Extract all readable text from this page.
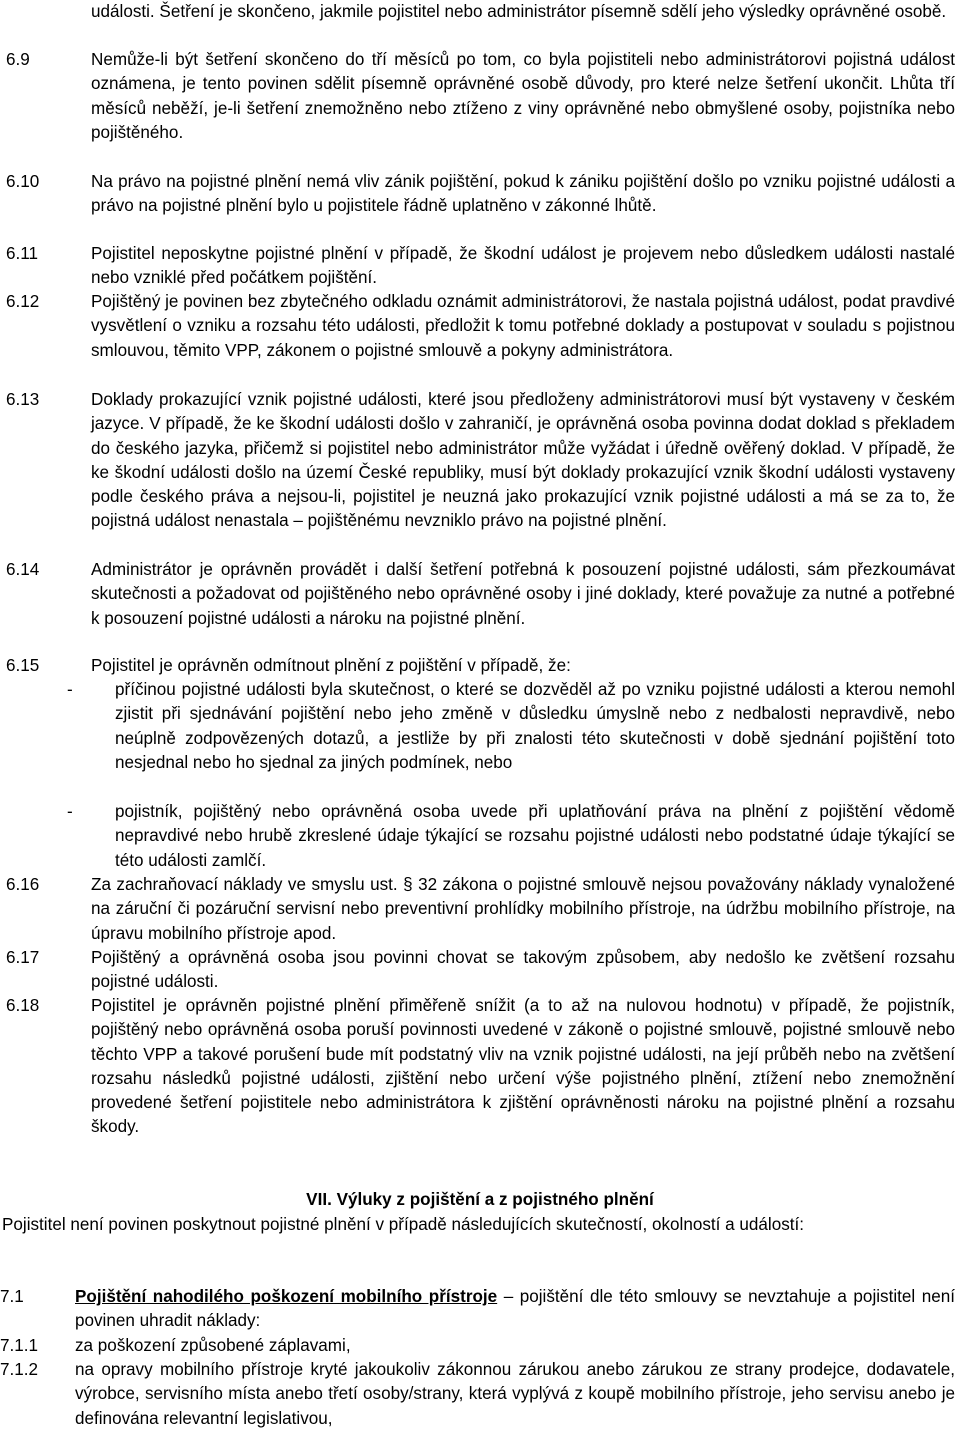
události. Šetření je skončeno, jakmile pojistitel nebo administrátor písemně sdělí jeho výsledky oprávněné osobě.
6.9	Nemůže-li být šetření skončeno do tří měsíců po tom, co byla pojistiteli nebo administrátorovi pojistná událost oznámena, je tento povinen sdělit písemně oprávněné osobě důvody, pro které nelze šetření ukončit. Lhůta tří měsíců neběží, je-li šetření znemožněno nebo ztíženo z viny oprávněné nebo obmyšlené osoby, pojistníka nebo pojištěného.
6.10	Na právo na pojistné plnění nemá vliv zánik pojištění, pokud k zániku pojištění došlo po vzniku pojistné události a právo na pojistné plnění bylo u pojistitele řádně uplatněno v zákonné lhůtě.
6.11	Pojistitel neposkytne pojistné plnění v případě, že škodní událost je projevem nebo důsledkem události nastalé nebo vzniklé před počátkem pojištění.
6.12	Pojištěný je povinen bez zbytečného odkladu oznámit administrátorovi, že nastala pojistná událost, podat pravdivé vysvětlení o vzniku a rozsahu této události, předložit k tomu potřebné doklady a postupovat v souladu s pojistnou smlouvou, těmito VPP, zákonem o pojistné smlouvě a pokyny administrátora.
6.13	Doklady prokazující vznik pojistné události, které jsou předloženy administrátorovi musí být vystaveny v českém jazyce. V případě, že ke škodní události došlo v zahraničí, je oprávněná osoba povinna dodat doklad s překladem do českého jazyka, přičemž si pojistitel nebo administrátor může vyžádat i úředně ověřený doklad. V případě, že ke škodní události došlo na území České republiky, musí být doklady prokazující vznik škodní události vystaveny podle českého práva a nejsou-li, pojistitel je neuzná jako prokazující vznik pojistné události a má se za to, že pojistná událost nenastala – pojištěnému nevzniklo právo na pojistné plnění.
6.14	Administrátor je oprávněn provádět i další šetření potřebná k posouzení pojistné události, sám přezkoumávat skutečnosti a požadovat od pojištěného nebo oprávněné osoby i jiné doklady, které považuje za nutné a potřebné k posouzení pojistné události a nároku na pojistné plnění.
6.15	Pojistitel je oprávněn odmítnout plnění z pojištění v případě, že:
- příčinou pojistné události byla skutečnost, o které se dozvěděl až po vzniku pojistné události a kterou nemohl zjistit při sjednávání pojištění nebo jeho změně v důsledku úmyslně nebo z nedbalosti nepravdivě, nebo neúplně zodpovězených dotazů, a jestliže by při znalosti této skutečnosti v době sjednání pojištění toto nesjednal nebo ho sjednal za jiných podmínek, nebo
- pojistník, pojištěný nebo oprávněná osoba uvede při uplatňování práva na plnění z pojištění vědomě nepravdivé nebo hrubě zkreslené údaje týkající se rozsahu pojistné události nebo podstatné údaje týkající se této události zamlčí.
6.16	Za zachraňovací náklady ve smyslu ust. § 32 zákona o pojistné smlouvě nejsou považovány náklady vynaložené na záruční či pozáruční servisní nebo preventivní prohlídky mobilního přístroje, na údržbu mobilního přístroje, na úpravu mobilního přístroje apod.
6.17	Pojištěný a oprávněná osoba jsou povinni chovat se takovým způsobem, aby nedošlo ke zvětšení rozsahu pojistné události.
6.18	Pojistitel je oprávněn pojistné plnění přiměřeně snížit (a to až na nulovou hodnotu) v případě, že pojistník, pojištěný nebo oprávněná osoba poruší povinnosti uvedené v zákoně o pojistné smlouvě, pojistné smlouvě nebo těchto VPP a takové porušení bude mít podstatný vliv na vznik pojistné události, na její průběh nebo na zvětšení rozsahu následků pojistné události, zjištění nebo určení výše pojistného plnění, ztížení nebo znemožnění provedené šetření pojistitele nebo administrátora k zjištění oprávněnosti nároku na pojistné plnění a rozsahu škody.
VII. Výluky z pojištění a z pojistného plnění
Pojistitel není povinen poskytnout pojistné plnění v případě následujících skutečností, okolností a událostí:
7.1	Pojištění nahodilého poškození mobilního přístroje – pojištění dle této smlouvy se nevztahuje a pojistitel není povinen uhradit náklady:
7.1.1 za poškození způsobené záplavami,
7.1.2 na opravy mobilního přístroje kryté jakoukoliv zákonnou zárukou anebo zárukou ze strany prodejce, dodavatele, výrobce, servisního místa anebo třetí osoby/strany, která vyplývá z koupě mobilního přístroje, jeho servisu anebo je definována relevantní legislativou,
